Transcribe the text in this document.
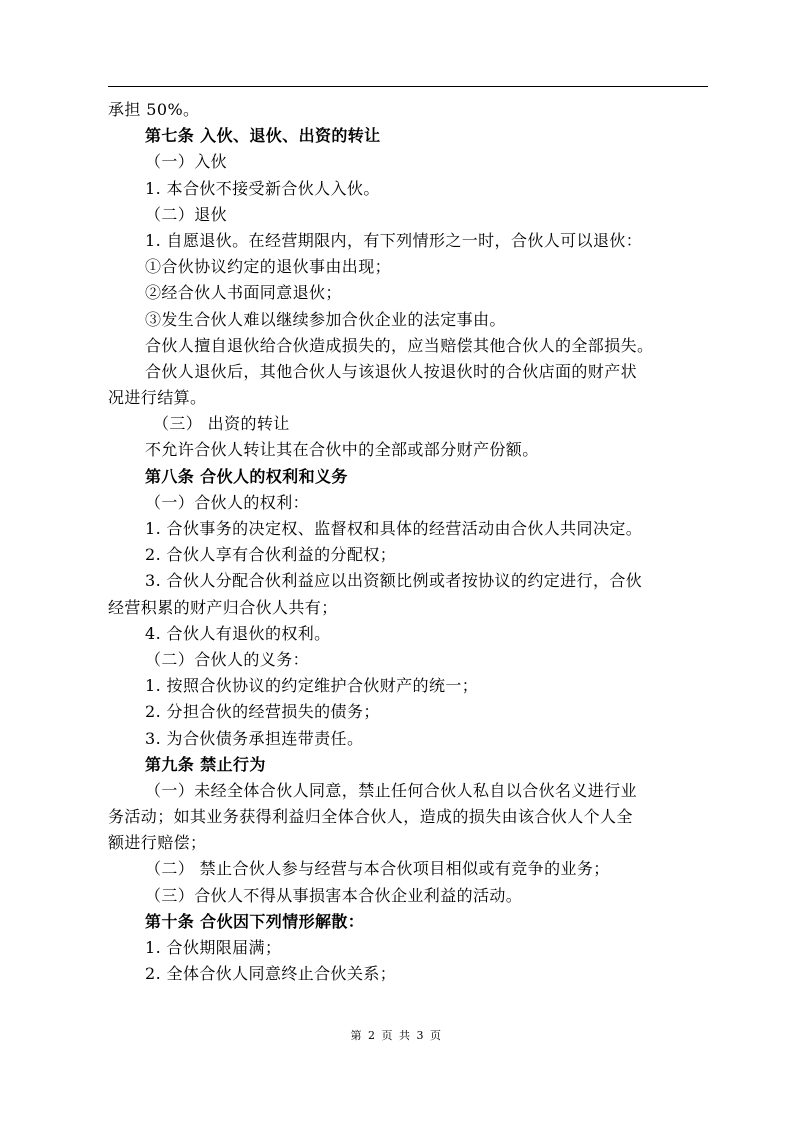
承担 50%。
第七条 入伙、退伙、出资的转让
（一）入伙
1. 本合伙不接受新合伙人入伙。
（二）退伙
1. 自愿退伙。在经营期限内，有下列情形之一时，合伙人可以退伙：
①合伙协议约定的退伙事由出现；
②经合伙人书面同意退伙；
③发生合伙人难以继续参加合伙企业的法定事由。
合伙人擅自退伙给合伙造成损失的，应当赔偿其他合伙人的全部损失。
合伙人退伙后，其他合伙人与该退伙人按退伙时的合伙店面的财产状
况进行结算。
（三） 出资的转让
不允许合伙人转让其在合伙中的全部或部分财产份额。
第八条 合伙人的权利和义务
（一）合伙人的权利：
1. 合伙事务的决定权、监督权和具体的经营活动由合伙人共同决定。
2. 合伙人享有合伙利益的分配权；
3. 合伙人分配合伙利益应以出资额比例或者按协议的约定进行，合伙
经营积累的财产归合伙人共有；
4. 合伙人有退伙的权利。
（二）合伙人的义务：
1. 按照合伙协议的约定维护合伙财产的统一；
2. 分担合伙的经营损失的债务；
3. 为合伙债务承担连带责任。
第九条 禁止行为
（一）未经全体合伙人同意，禁止任何合伙人私自以合伙名义进行业
务活动；如其业务获得利益归全体合伙人，造成的损失由该合伙人个人全
额进行赔偿；
（二） 禁止合伙人参与经营与本合伙项目相似或有竞争的业务；
（三）合伙人不得从事损害本合伙企业利益的活动。
第十条 合伙因下列情形解散：
1. 合伙期限届满；
2. 全体合伙人同意终止合伙关系；
第 2 页 共 3 页
